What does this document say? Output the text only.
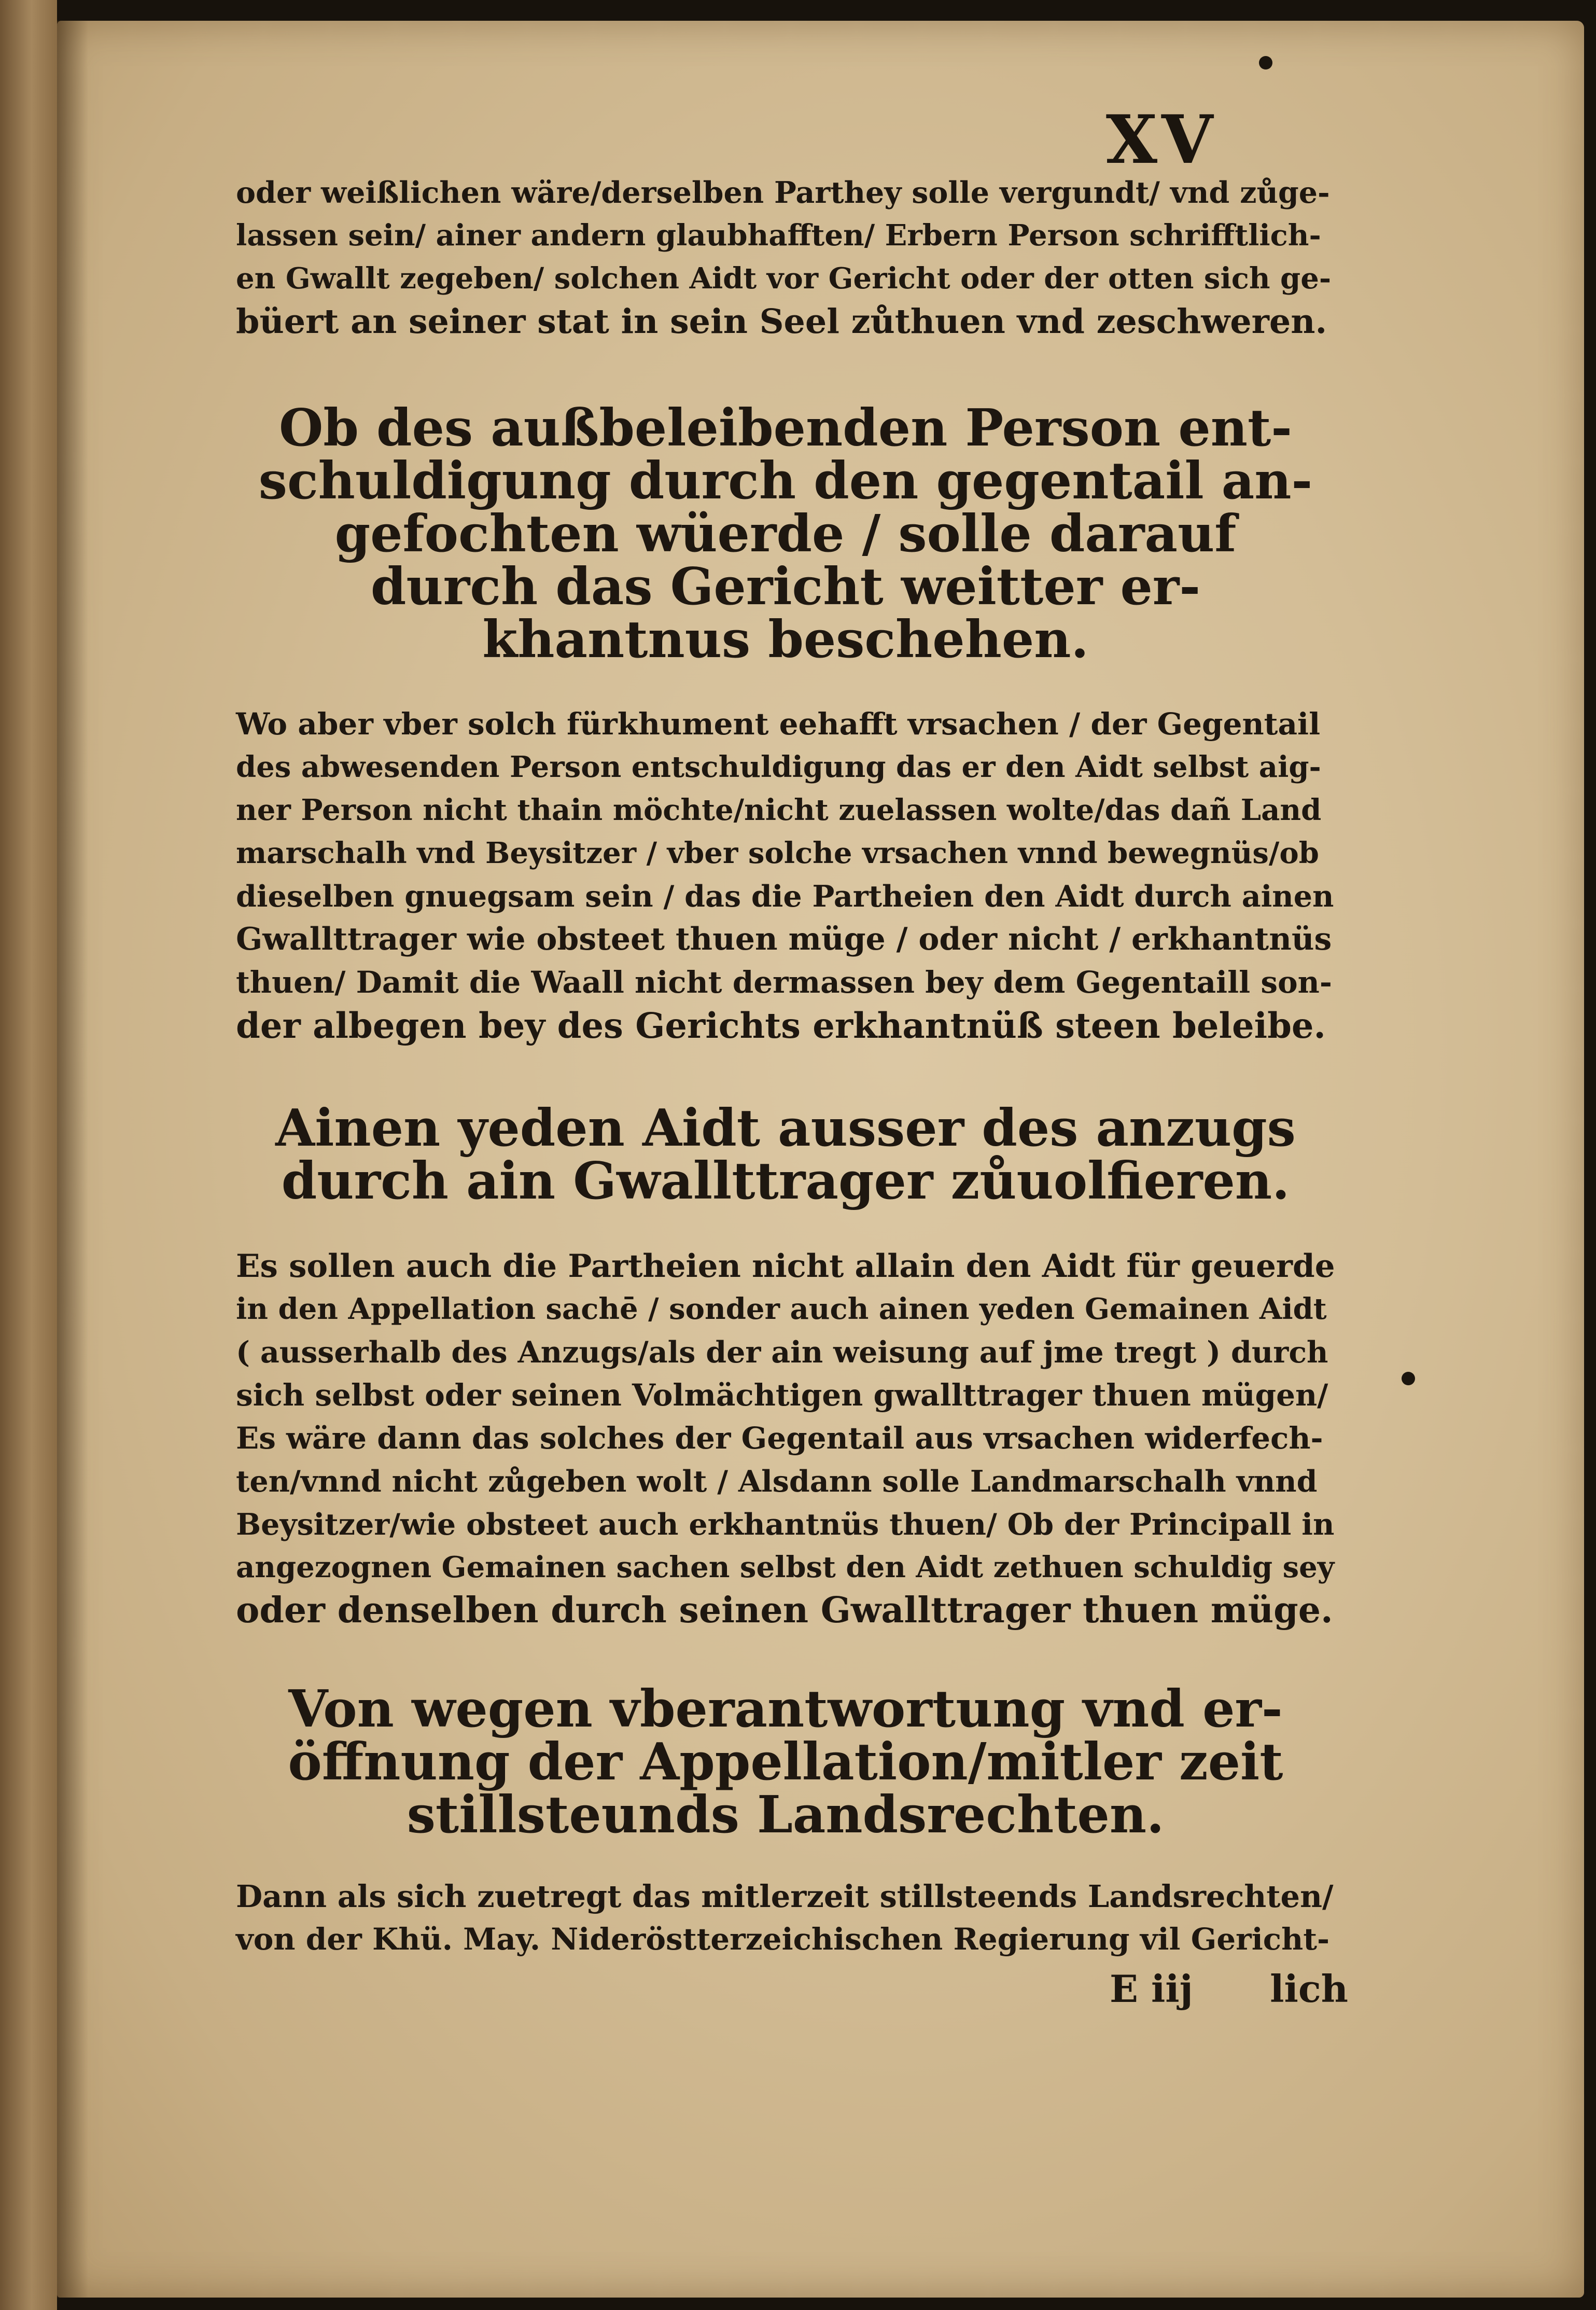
XV

oder weißlichen wäre/derselben Parthey solle vergundt/ vnd zůge-
lassen sein/ ainer andern glaubhafften/ Erbern Person schrifftlich-
en Gwallt zegeben/ solchen Aidt vor Gericht oder der otten sich ge-
büert an seiner stat in sein Seel zůthuen vnd zeschweren.

Ob des außbeleibenden Person ent-
schuldigung durch den gegentail an-
gefochten wüerde / solle darauf
durch das Gericht weitter er-
khantnus beschehen.

Wo aber vber solch fürkhument eehafft vrsachen / der Gegentail
des abwesenden Person entschuldigung das er den Aidt selbst aig-
ner Person nicht thain möchte/nicht zuelassen wolte/das dañ Land
marschalh vnd Beysitzer / vber solche vrsachen vnnd bewegnüs/ob
dieselben gnuegsam sein / das die Partheien den Aidt durch ainen
Gwallttrager wie obsteet thuen müge / oder nicht / erkhantnüs
thuen/ Damit die Waall nicht dermassen bey dem Gegentaill son-
der albegen bey des Gerichts erkhantnüß steen beleibe.

Ainen yeden Aidt ausser des anzugs
durch ain Gwallttrager zůuolfieren.

Es sollen auch die Partheien nicht allain den Aidt für geuerde
in den Appellation sachē / sonder auch ainen yeden Gemainen Aidt
( ausserhalb des Anzugs/als der ain weisung auf jme tregt ) durch
sich selbst oder seinen Volmächtigen gwallttrager thuen mügen/
Es wäre dann das solches der Gegentail aus vrsachen widerfech-
ten/vnnd nicht zůgeben wolt / Alsdann solle Landmarschalh vnnd
Beysitzer/wie obsteet auch erkhantnüs thuen/ Ob der Principall in
angezognen Gemainen sachen selbst den Aidt zethuen schuldig sey
oder denselben durch seinen Gwallttrager thuen müge.

Von wegen vberantwortung vnd er-
öffnung der Appellation/mitler zeit
stillsteunds Landsrechten.

Dann als sich zuetregt das mitlerzeit stillsteends Landsrechten/
von der Khü. May. Nideröstterzeichischen Regierung vil Gericht-

E iij lich
